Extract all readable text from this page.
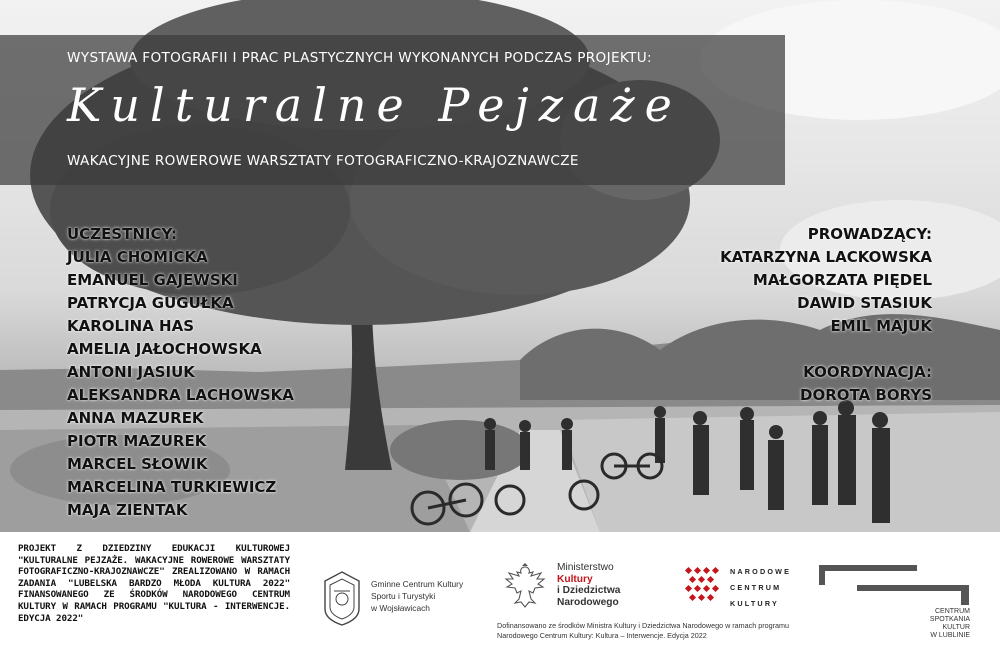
WYSTAWA FOTOGRAFII I PRAC PLASTYCZNYCH WYKONANYCH PODCZAS PROJEKTU:
Kulturalne Pejzaże
WAKACYJNE ROWEROWE WARSZTATY FOTOGRAFICZNO-KRAJOZNAWCZE
UCZESTNICY:
JULIA CHOMICKA
EMANUEL GAJEWSKI
PATRYCJA GUGUŁKA
KAROLINA HAS
AMELIA JAŁOCHOWSKA
ANTONI JASIUK
ALEKSANDRA LACHOWSKA
ANNA MAZUREK
PIOTR MAZUREK
MARCEL SŁOWIK
MARCELINA TURKIEWICZ
MAJA ZIENTAK
PROWADZĄCY:
KATARZYNA LACKOWSKA
MAŁGORZATA PIĘDEL
DAWID STASIUK
EMIL MAJUK
KOORDYNACJA:
DOROTA BORYS
PROJEKT Z DZIEDZINY EDUKACJI KULTUROWEJ "KULTURALNE PEJZAŻE. WAKACYJNE ROWEROWE WARSZTATY FOTOGRAFICZNO-KRAJOZNAWCZE" ZREALIZOWANO W RAMACH ZADANIA "LUBELSKA BARDZO MŁODA KULTURA 2022" FINANSOWANEGO ZE ŚRODKÓW NARODOWEGO CENTRUM KULTURY W RAMACH PROGRAMU "KULTURA - INTERWENCJE. EDYCJA 2022"
Gminne Centrum Kultury
Sportu i Turystyki
w Wojsławicach
Ministerstwo
Kultury
i Dziedzictwa
Narodowego
Dofinansowano ze środków Ministra Kultury i Dziedzictwa Narodowego w ramach programu Narodowego Centrum Kultury: Kultura – Interwencje. Edycja 2022
NARODOWE
CENTRUM
KULTURY
CENTRUM
SPOTKANIA
KULTUR
W LUBLINIE
